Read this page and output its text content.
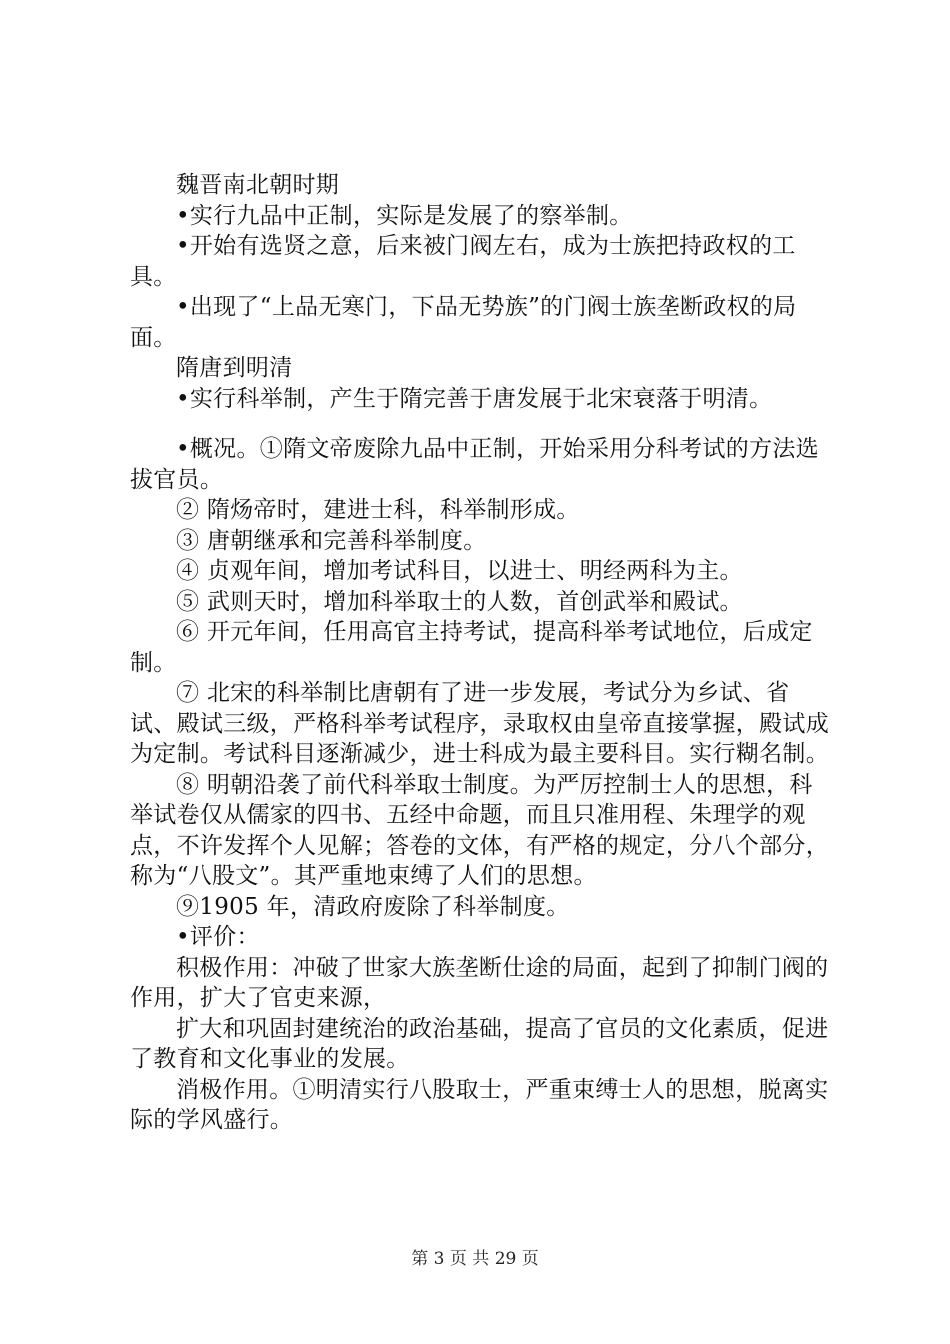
魏晋南北朝时期

•实行九品中正制，实际是发展了的察举制。

•开始有选贤之意，后来被门阀左右，成为士族把持政权的工具。

•出现了“上品无寒门，下品无势族”的门阀士族垄断政权的局面。

隋唐到明清

•实行科举制，产生于隋完善于唐发展于北宋衰落于明清。

•概况。①隋文帝废除九品中正制，开始采用分科考试的方法选拔官员。

② 隋炀帝时，建进士科，科举制形成。

③ 唐朝继承和完善科举制度。

④ 贞观年间，增加考试科目，以进士、明经两科为主。

⑤ 武则天时，增加科举取士的人数，首创武举和殿试。

⑥ 开元年间，任用高官主持考试，提高科举考试地位，后成定制。

⑦ 北宋的科举制比唐朝有了进一步发展，考试分为乡试、省试、殿试三级，严格科举考试程序，录取权由皇帝直接掌握，殿试成为定制。考试科目逐渐减少，进士科成为最主要科目。实行糊名制。

⑧ 明朝沿袭了前代科举取士制度。为严厉控制士人的思想，科举试卷仅从儒家的四书、五经中命题，而且只准用程、朱理学的观点，不许发挥个人见解；答卷的文体，有严格的规定，分八个部分，称为“八股文”。其严重地束缚了人们的思想。

⑨1905 年，清政府废除了科举制度。

•评价：

积极作用：冲破了世家大族垄断仕途的局面，起到了抑制门阀的作用，扩大了官吏来源，

扩大和巩固封建统治的政治基础，提高了官员的文化素质，促进了教育和文化事业的发展。

消极作用。①明清实行八股取士，严重束缚士人的思想，脱离实际的学风盛行。

第 3 页 共 29 页
